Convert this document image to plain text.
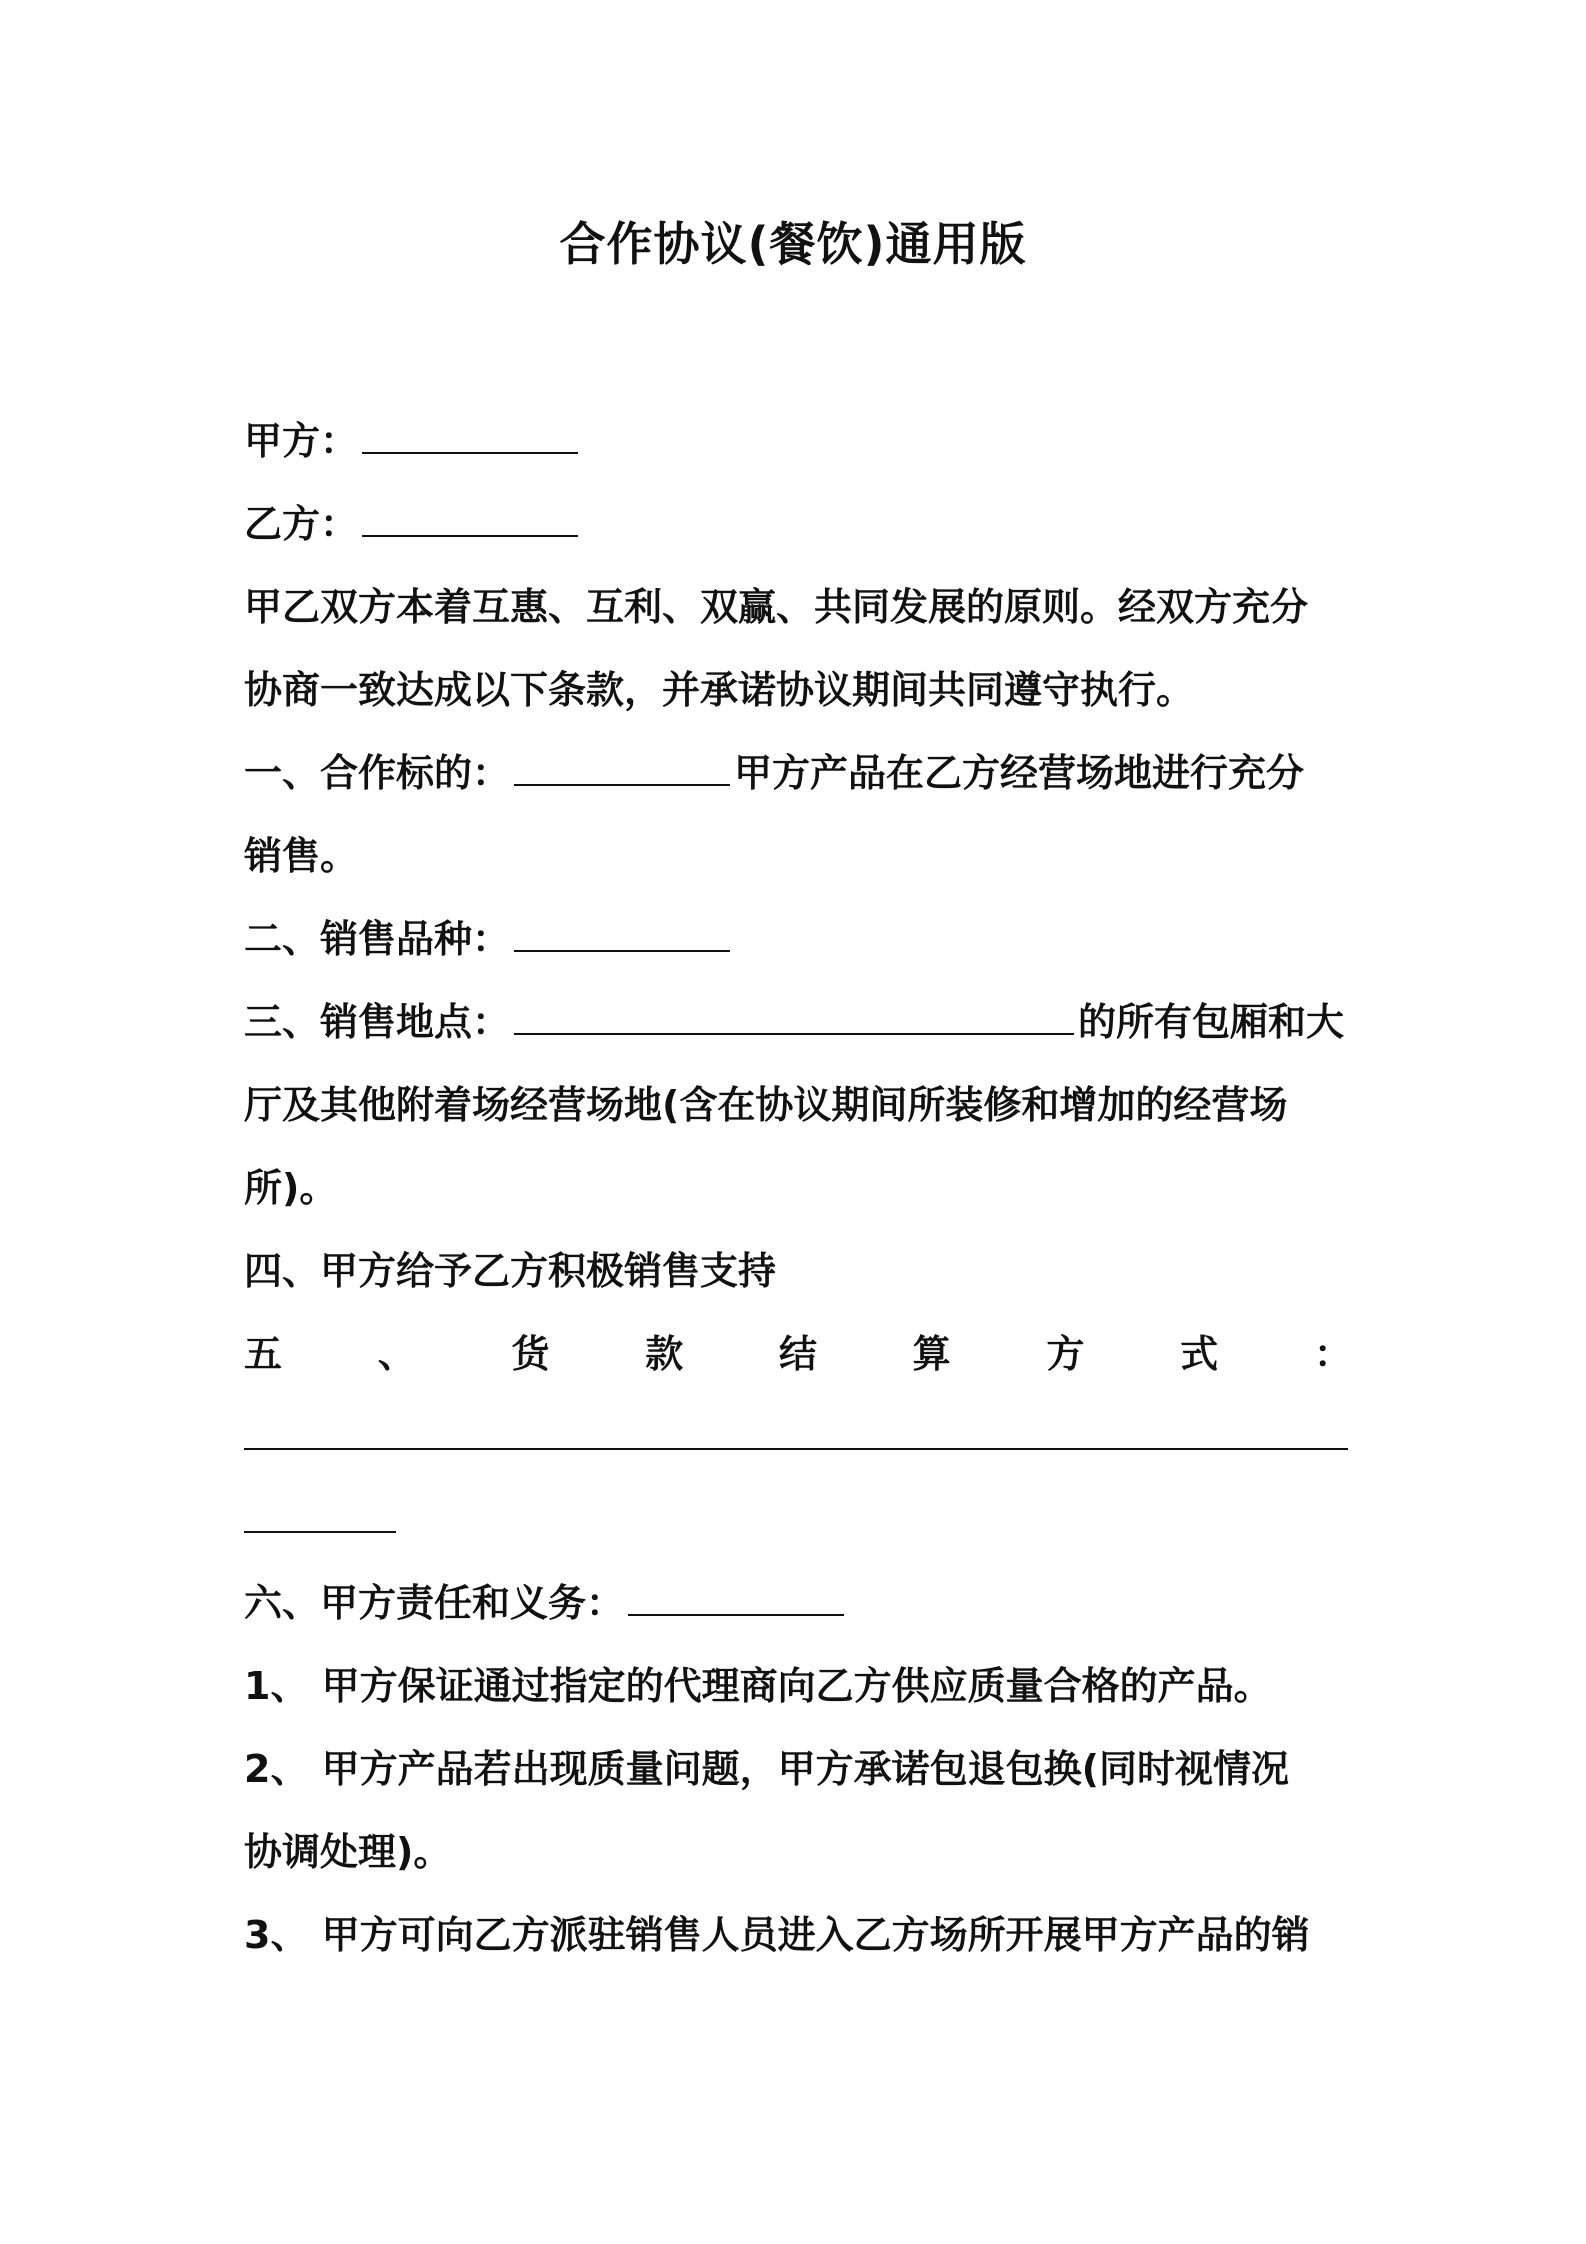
合作协议(餐饮)通用版
甲方：
乙方：
甲乙双方本着互惠、互利、双赢、共同发展的原则。经双方充分
协商一致达成以下条款，并承诺协议期间共同遵守执行。
一、合作标的：	甲方产品在乙方经营场地进行充分
销售。
二、销售品种：
三、销售地点：	的所有包厢和大
厅及其他附着场经营场地(含在协议期间所装修和增加的经营场
所)。
四、甲方给予乙方积极销售支持
五	、	货	款	结	算	方	式	：
六、甲方责任和义务：
1、 甲方保证通过指定的代理商向乙方供应质量合格的产品。
2、 甲方产品若出现质量问题，甲方承诺包退包换(同时视情况
协调处理)。
3、 甲方可向乙方派驻销售人员进入乙方场所开展甲方产品的销
